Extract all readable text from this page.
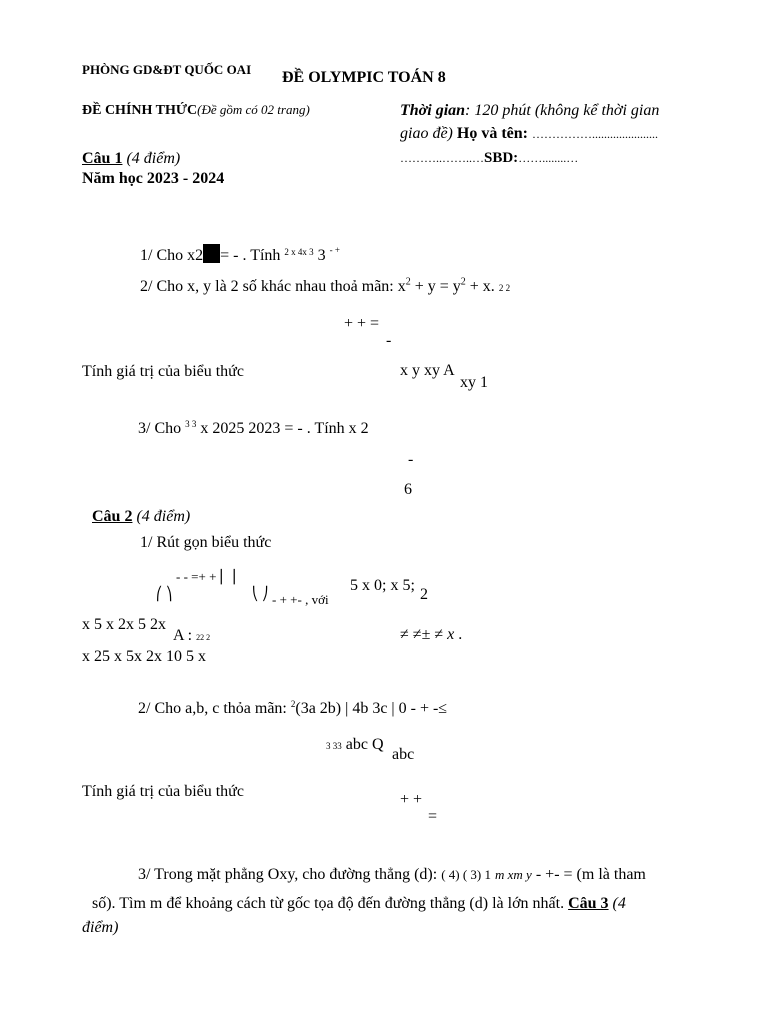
PHÒNG GD&ĐT QUỐC OAI ĐỀ OLYMPIC TOÁN 8
ĐỀ CHÍNH THỨC(Đề gồm có 02 trang)	Thời gian: 120 phút (không kể thời gian
giao đề) Họ và tên: ……………......................
………..……..…SBD:……........…
Câu 1 (4 điểm)
Năm học 2023 - 2024
1/ Cho x2 = - . Tính $^{2 x 4x 3}$ 3 - +
2/ Cho x, y là 2 số khác nhau thoả mãn: $x^2 + y = y^2 + x$. 2 2
+ + =
-
Tính giá trị của biểu thức	x y xy A
xy 1
3/ Cho $^{3 3}$ x 2025 2023 = - . Tính x 2
-
6
Câu 2 (4 điểm)
1/ Rút gọn biểu thức
- - =+ + ⎜ ⎟
⎛ ⎞	⎝ ⎠ $_{- + +- , với}$
5 x 0; x 5;
2
x 5 x 2x 5 2x
A : 22 2	≠ ≠± ≠ x .
x 25 x 5x 2x 10 5 x
2/ Cho a,b, c thỏa mãn: $^2$(3a 2b) | 4b 3c | 0 - + -≤
3 33 abc Q
abc
Tính giá trị của biểu thức	+ +
=
3/ Trong mặt phẳng Oxy, cho đường thẳng (d): ( 4) ( 3) 1 m xm y - +- = (m là tham
số). Tìm m để khoảng cách từ gốc tọa độ đến đường thẳng (d) là lớn nhất. Câu 3 (4
điểm)
